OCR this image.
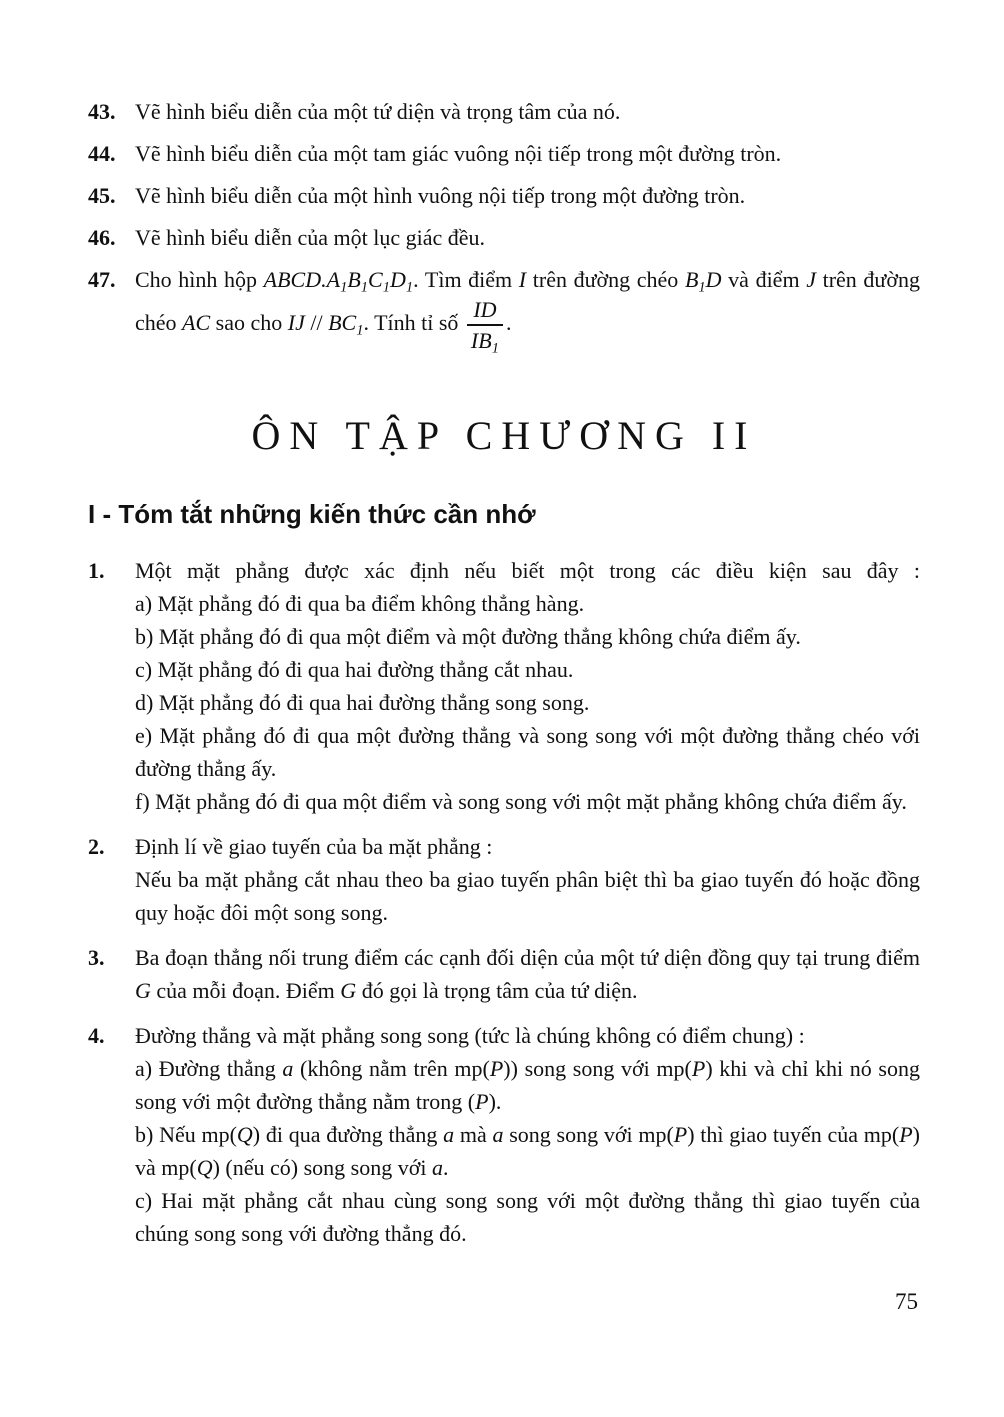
43. Vẽ hình biểu diễn của một tứ diện và trọng tâm của nó.
44. Vẽ hình biểu diễn của một tam giác vuông nội tiếp trong một đường tròn.
45. Vẽ hình biểu diễn của một hình vuông nội tiếp trong một đường tròn.
46. Vẽ hình biểu diễn của một lục giác đều.
47. Cho hình hộp $ABCD.A_1B_1C_1D_1$. Tìm điểm I trên đường chéo $B_1D$ và điểm J trên đường chéo AC sao cho IJ // $BC_1$. Tính tỉ số $\frac{ID}{IB_1}$ .
ÔN TẬP CHƯƠNG II
I - Tóm tắt những kiến thức cần nhớ
1.	Một mặt phẳng được xác định nếu biết một trong các điều kiện sau đây :

a) Mặt phẳng đó đi qua ba điểm không thẳng hàng.

b) Mặt phẳng đó đi qua một điểm và một đường thẳng không chứa điểm ấy.

c) Mặt phẳng đó đi qua hai đường thẳng cắt nhau.

d) Mặt phẳng đó đi qua hai đường thẳng song song.

e) Mặt phẳng đó đi qua một đường thẳng và song song với một đường thẳng chéo với đường thẳng ấy.

f) Mặt phẳng đó đi qua một điểm và song song với một mặt phẳng không chứa điểm ấy.

2.	Định lí về giao tuyến của ba mặt phẳng :

Nếu ba mặt phẳng cắt nhau theo ba giao tuyến phân biệt thì ba giao tuyến đó hoặc đồng quy hoặc đôi một song song.

3.	Ba đoạn thẳng nối trung điểm các cạnh đối diện của một tứ diện đồng quy tại trung điểm G của mỗi đoạn. Điểm G đó gọi là trọng tâm của tứ diện.

4.	Đường thẳng và mặt phẳng song song (tức là chúng không có điểm chung) :

a) Đường thẳng a (không nằm trên mp(P)) song song với mp(P) khi và chỉ khi nó song song với một đường thẳng nằm trong (P).

b) Nếu mp(Q) đi qua đường thẳng a mà a song song với mp(P) thì giao tuyến của mp(P) và mp(Q) (nếu có) song song với a.

c) Hai mặt phẳng cắt nhau cùng song song với một đường thẳng thì giao tuyến của chúng song song với đường thẳng đó.

75
